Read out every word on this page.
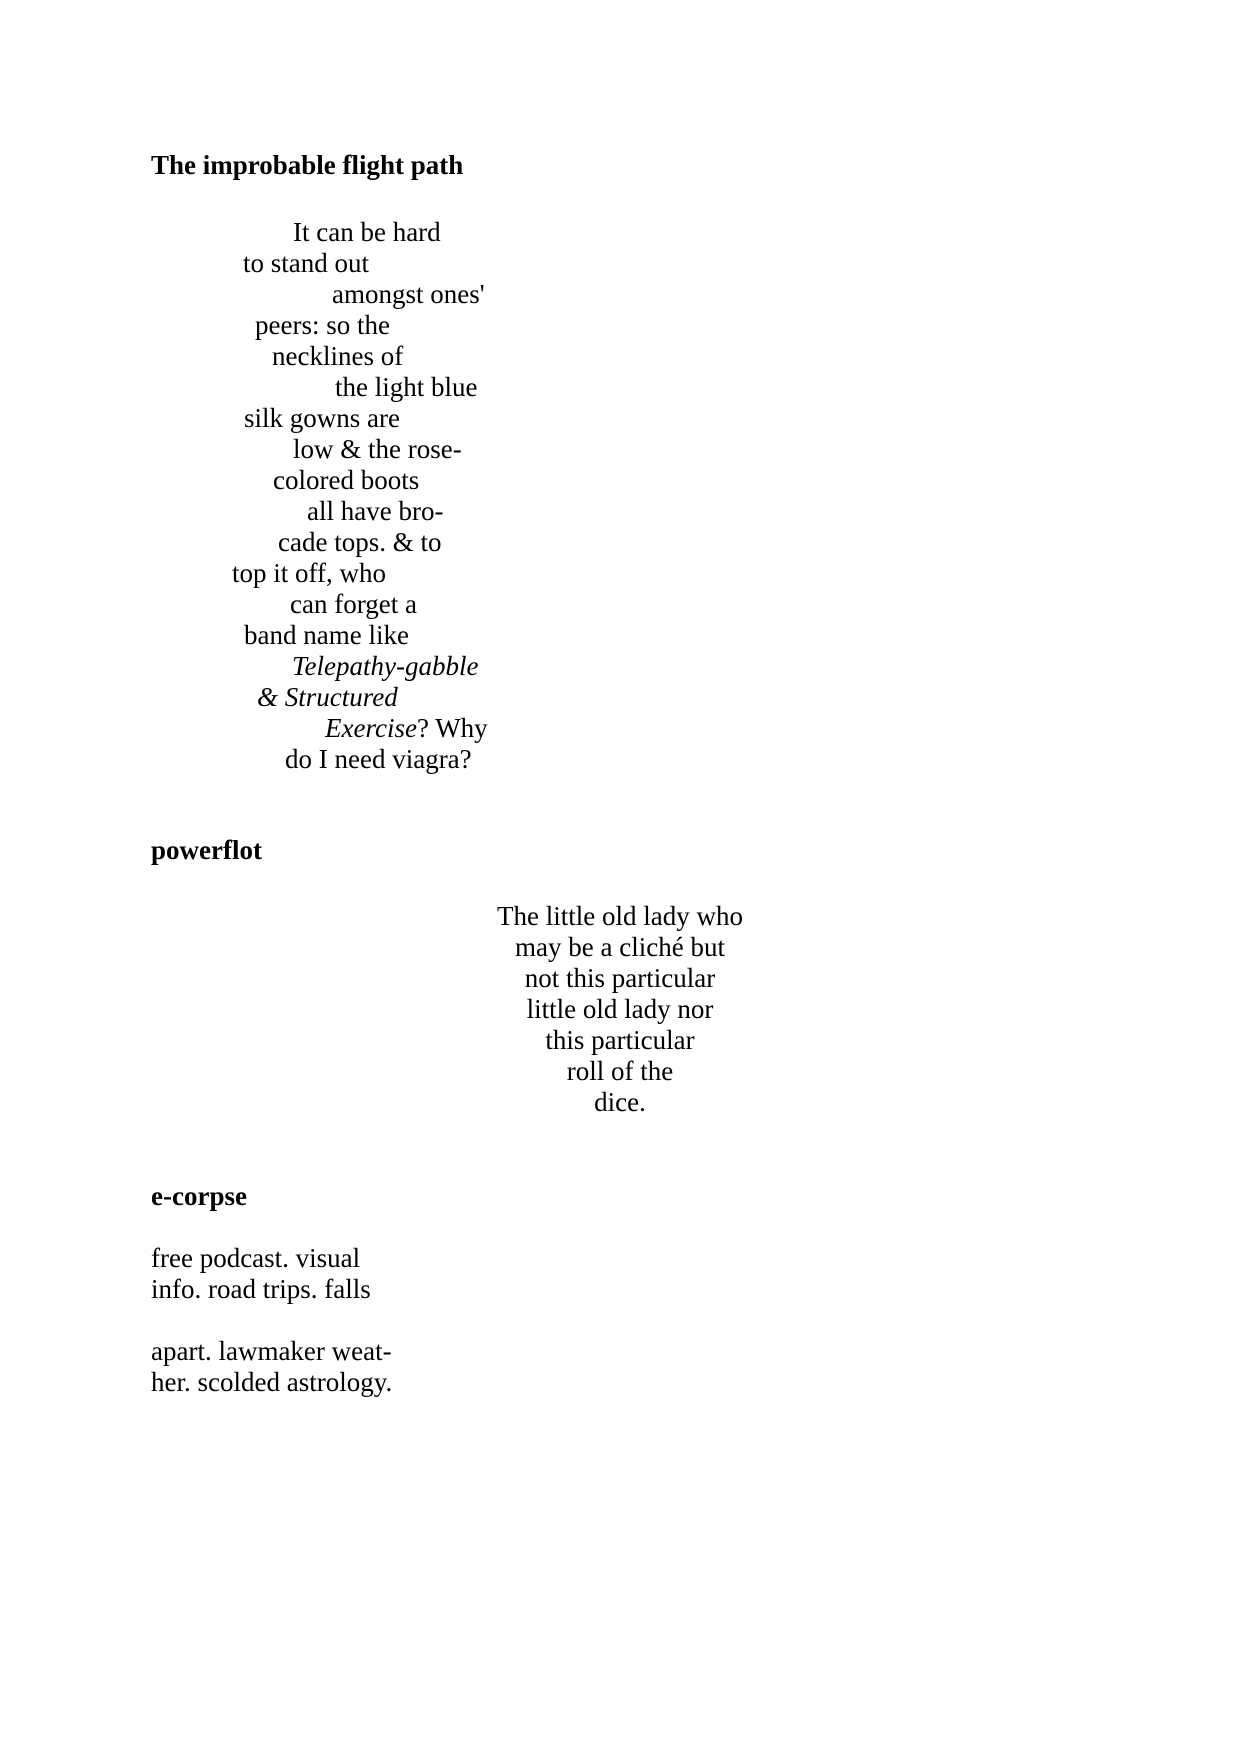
The improbable flight path
It can be hard
to stand out
amongst ones'
peers: so the
necklines of
the light blue
silk gowns are
low & the rose-
colored boots
all have bro-
cade tops. & to
top it off, who
can forget a
band name like
Telepathy-gabble
& Structured
Exercise? Why
do I need viagra?
powerflot
The little old lady who
may be a cliché but
not this particular
little old lady nor
this particular
roll of the
dice.
e-corpse
free podcast. visual
info. road trips. falls
apart. lawmaker weat-
her. scolded astrology.
